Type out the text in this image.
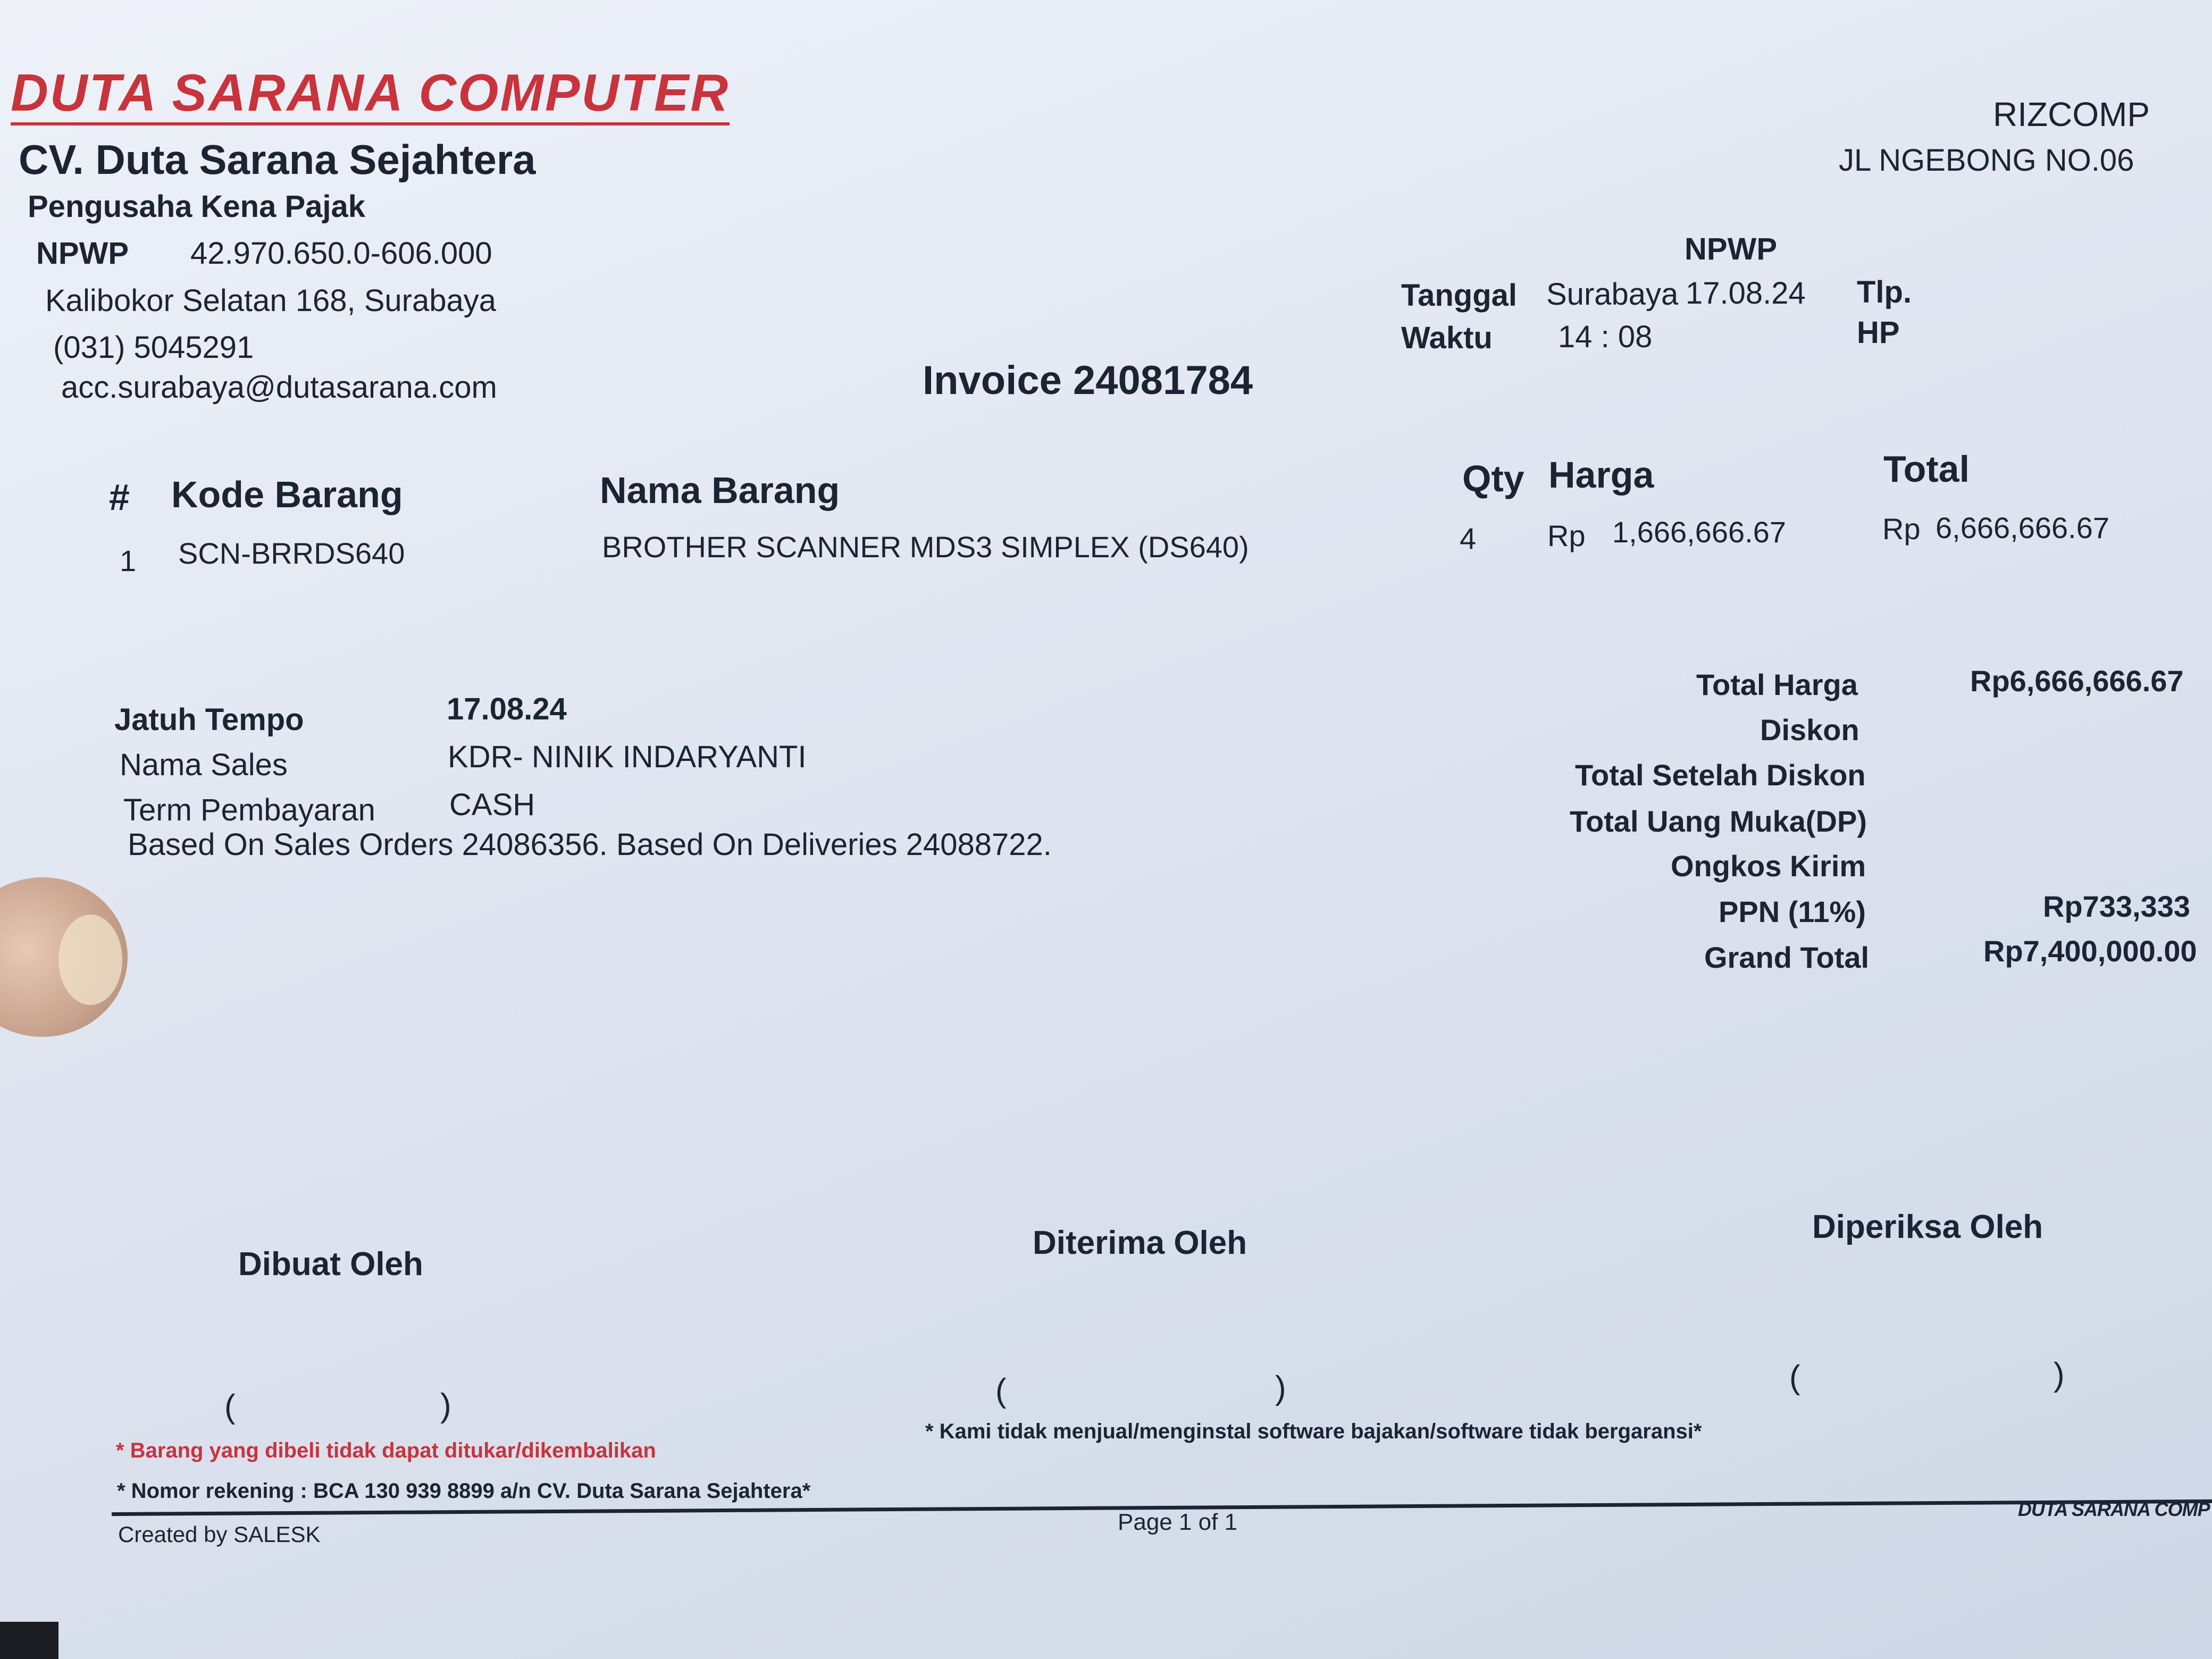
DUTA SARANA COMPUTER
CV. Duta Sarana Sejahtera
Pengusaha Kena Pajak
NPWP 42.970.650.0-606.000
Kalibokor Selatan 168, Surabaya
(031) 5045291
acc.surabaya@dutasarana.com
RIZCOMP
JL NGEBONG NO.06
NPWP
Tanggal Surabaya 17.08.24 Tlp.
Waktu 14 : 08	HP
Invoice 24081784
# Kode Barang	Nama Barang	Qty Harga	Total
1 SCN-BRRDS640	BROTHER SCANNER MDS3 SIMPLEX (DS640)	4 Rp 1,666,666.67	Rp 6,666,666.67
Jatuh Tempo	17.08.24
Nama Sales	KDR- NINIK INDARYANTI
Term Pembayaran CASH
Based On Sales Orders 24086356. Based On Deliveries 24088722.
Total Harga	Rp6,666,666.67
Diskon
Total Setelah Diskon
Total Uang Muka(DP)
Ongkos Kirim
PPN (11%)	Rp733,333
Grand Total	Rp7,400,000.00
Dibuat Oleh
Diterima Oleh	Diperiksa Oleh
(	)	(	)	(	)
* Barang yang dibeli tidak dapat ditukar/dikembalikan
* Kami tidak menjual/menginstal software bajakan/software tidak bergaransi*
* Nomor rekening : BCA 130 939 8899 a/n CV. Duta Sarana Sejahtera*
Created by SALESK	Page 1 of 1	DUTA SARANA COMP
